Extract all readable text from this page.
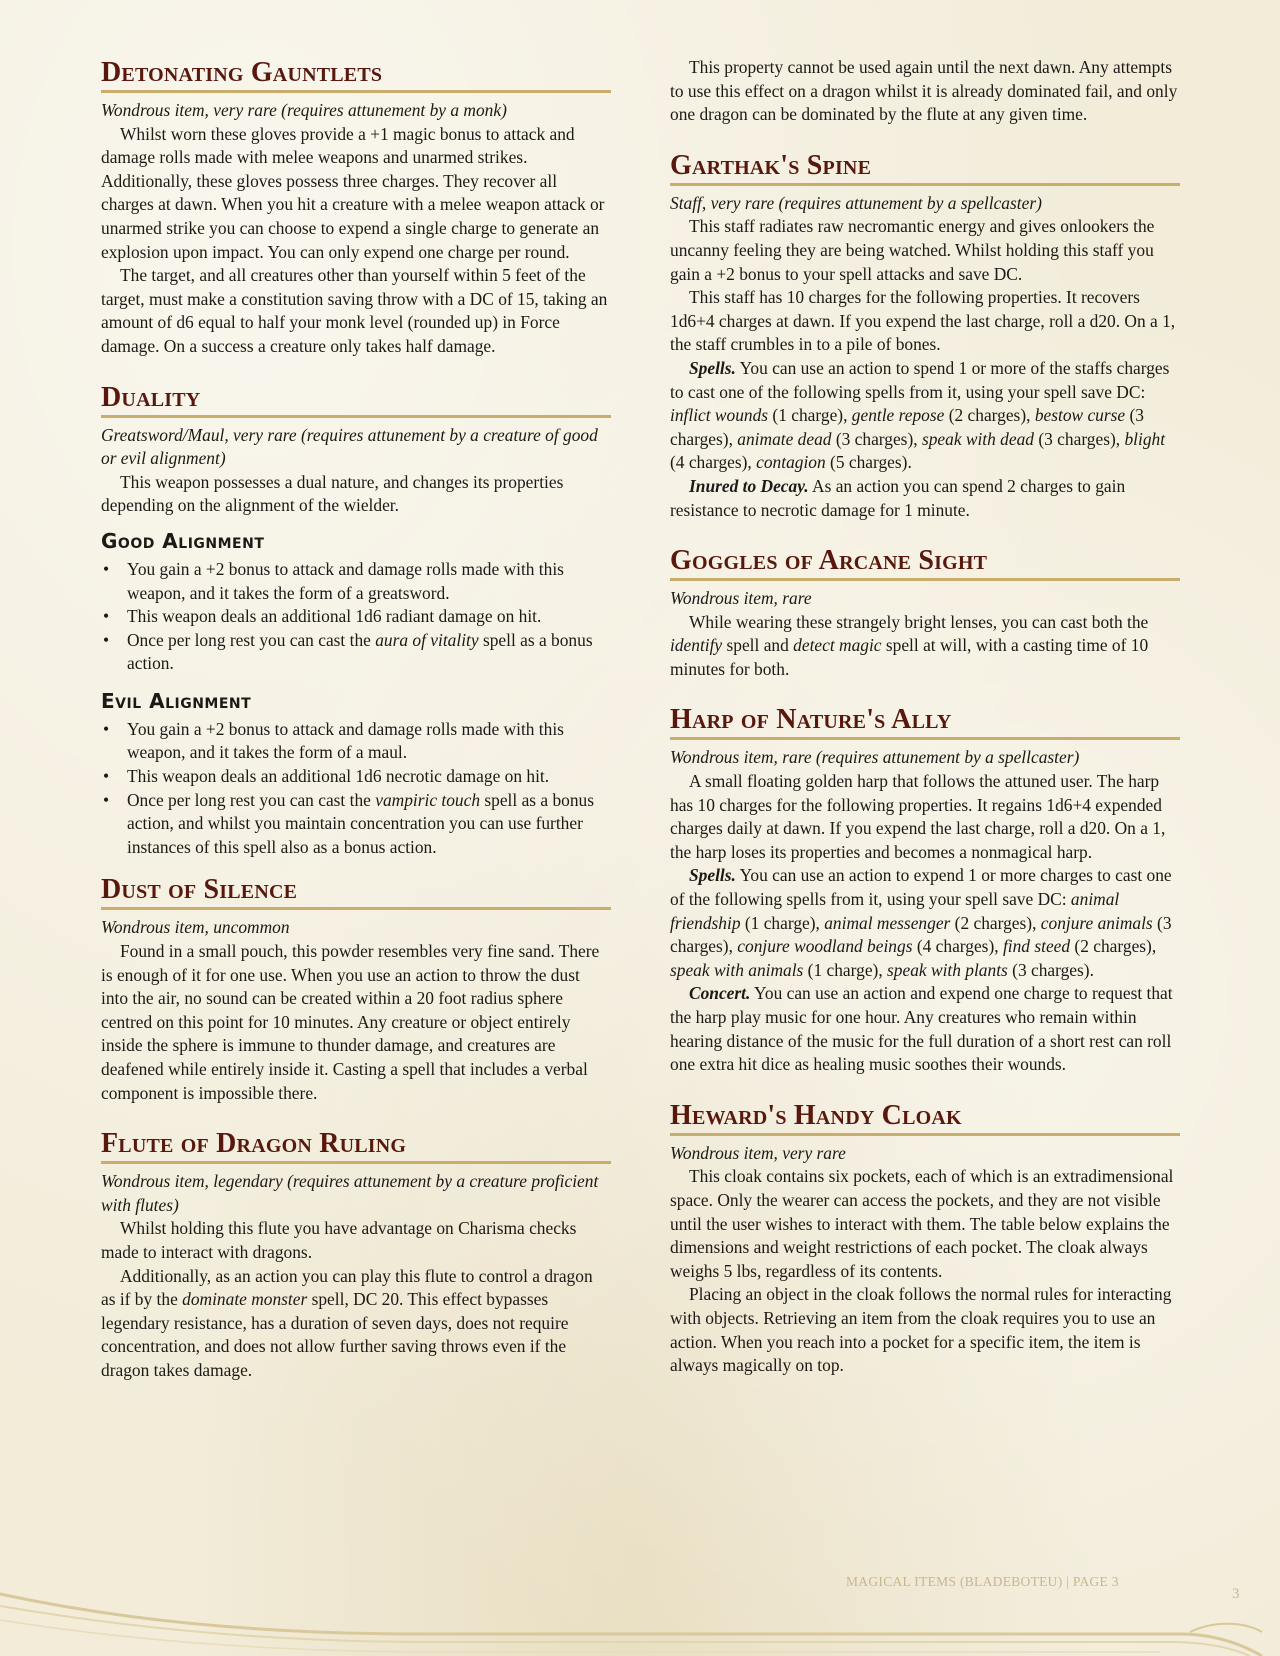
Detonating Gauntlets
Wondrous item, very rare (requires attunement by a monk)

Whilst worn these gloves provide a +1 magic bonus to attack and damage rolls made with melee weapons and unarmed strikes. Additionally, these gloves possess three charges. They recover all charges at dawn. When you hit a creature with a melee weapon attack or unarmed strike you can choose to expend a single charge to generate an explosion upon impact. You can only expend one charge per round.

The target, and all creatures other than yourself within 5 feet of the target, must make a constitution saving throw with a DC of 15, taking an amount of d6 equal to half your monk level (rounded up) in Force damage. On a success a creature only takes half damage.

Duality
Greatsword/Maul, very rare (requires attunement by a creature of good or evil alignment)

This weapon possesses a dual nature, and changes its properties depending on the alignment of the wielder.

Good Alignment
• You gain a +2 bonus to attack and damage rolls made with this weapon, and it takes the form of a greatsword.
• This weapon deals an additional 1d6 radiant damage on hit.
• Once per long rest you can cast the aura of vitality spell as a bonus action.
Evil Alignment
• You gain a +2 bonus to attack and damage rolls made with this weapon, and it takes the form of a maul.
• This weapon deals an additional 1d6 necrotic damage on hit.
• Once per long rest you can cast the vampiric touch spell as a bonus action, and whilst you maintain concentration you can use further instances of this spell also as a bonus action.
Dust of Silence
Wondrous item, uncommon

Found in a small pouch, this powder resembles very fine sand. There is enough of it for one use. When you use an action to throw the dust into the air, no sound can be created within a 20 foot radius sphere centred on this point for 10 minutes. Any creature or object entirely inside the sphere is immune to thunder damage, and creatures are deafened while entirely inside it. Casting a spell that includes a verbal component is impossible there.

Flute of Dragon Ruling
Wondrous item, legendary (requires attunement by a creature proficient with flutes)

Whilst holding this flute you have advantage on Charisma checks made to interact with dragons.

Additionally, as an action you can play this flute to control a dragon as if by the dominate monster spell, DC 20. This effect bypasses legendary resistance, has a duration of seven days, does not require concentration, and does not allow further saving throws even if the dragon takes damage.

This property cannot be used again until the next dawn. Any attempts to use this effect on a dragon whilst it is already dominated fail, and only one dragon can be dominated by the flute at any given time.

Garthak's Spine
Staff, very rare (requires attunement by a spellcaster)

This staff radiates raw necromantic energy and gives onlookers the uncanny feeling they are being watched. Whilst holding this staff you gain a +2 bonus to your spell attacks and save DC.

This staff has 10 charges for the following properties. It recovers 1d6+4 charges at dawn. If you expend the last charge, roll a d20. On a 1, the staff crumbles in to a pile of bones.

Spells. You can use an action to spend 1 or more of the staffs charges to cast one of the following spells from it, using your spell save DC: inflict wounds (1 charge), gentle repose (2 charges), bestow curse (3 charges), animate dead (3 charges), speak with dead (3 charges), blight (4 charges), contagion (5 charges).

Inured to Decay. As an action you can spend 2 charges to gain resistance to necrotic damage for 1 minute.

Goggles of Arcane Sight
Wondrous item, rare

While wearing these strangely bright lenses, you can cast both the identify spell and detect magic spell at will, with a casting time of 10 minutes for both.

Harp of Nature's Ally
Wondrous item, rare (requires attunement by a spellcaster)

A small floating golden harp that follows the attuned user. The harp has 10 charges for the following properties. It regains 1d6+4 expended charges daily at dawn. If you expend the last charge, roll a d20. On a 1, the harp loses its properties and becomes a nonmagical harp.

Spells. You can use an action to expend 1 or more charges to cast one of the following spells from it, using your spell save DC: animal friendship (1 charge), animal messenger (2 charges), conjure animals (3 charges), conjure woodland beings (4 charges), find steed (2 charges), speak with animals (1 charge), speak with plants (3 charges).

Concert. You can use an action and expend one charge to request that the harp play music for one hour. Any creatures who remain within hearing distance of the music for the full duration of a short rest can roll one extra hit dice as healing music soothes their wounds.

Heward's Handy Cloak
Wondrous item, very rare

This cloak contains six pockets, each of which is an extradimensional space. Only the wearer can access the pockets, and they are not visible until the user wishes to interact with them. The table below explains the dimensions and weight restrictions of each pocket. The cloak always weighs 5 lbs, regardless of its contents.

Placing an object in the cloak follows the normal rules for interacting with objects. Retrieving an item from the cloak requires you to use an action. When you reach into a pocket for a specific item, the item is always magically on top.

MAGICAL ITEMS (BLADEBOTEU) | PAGE 3
3
